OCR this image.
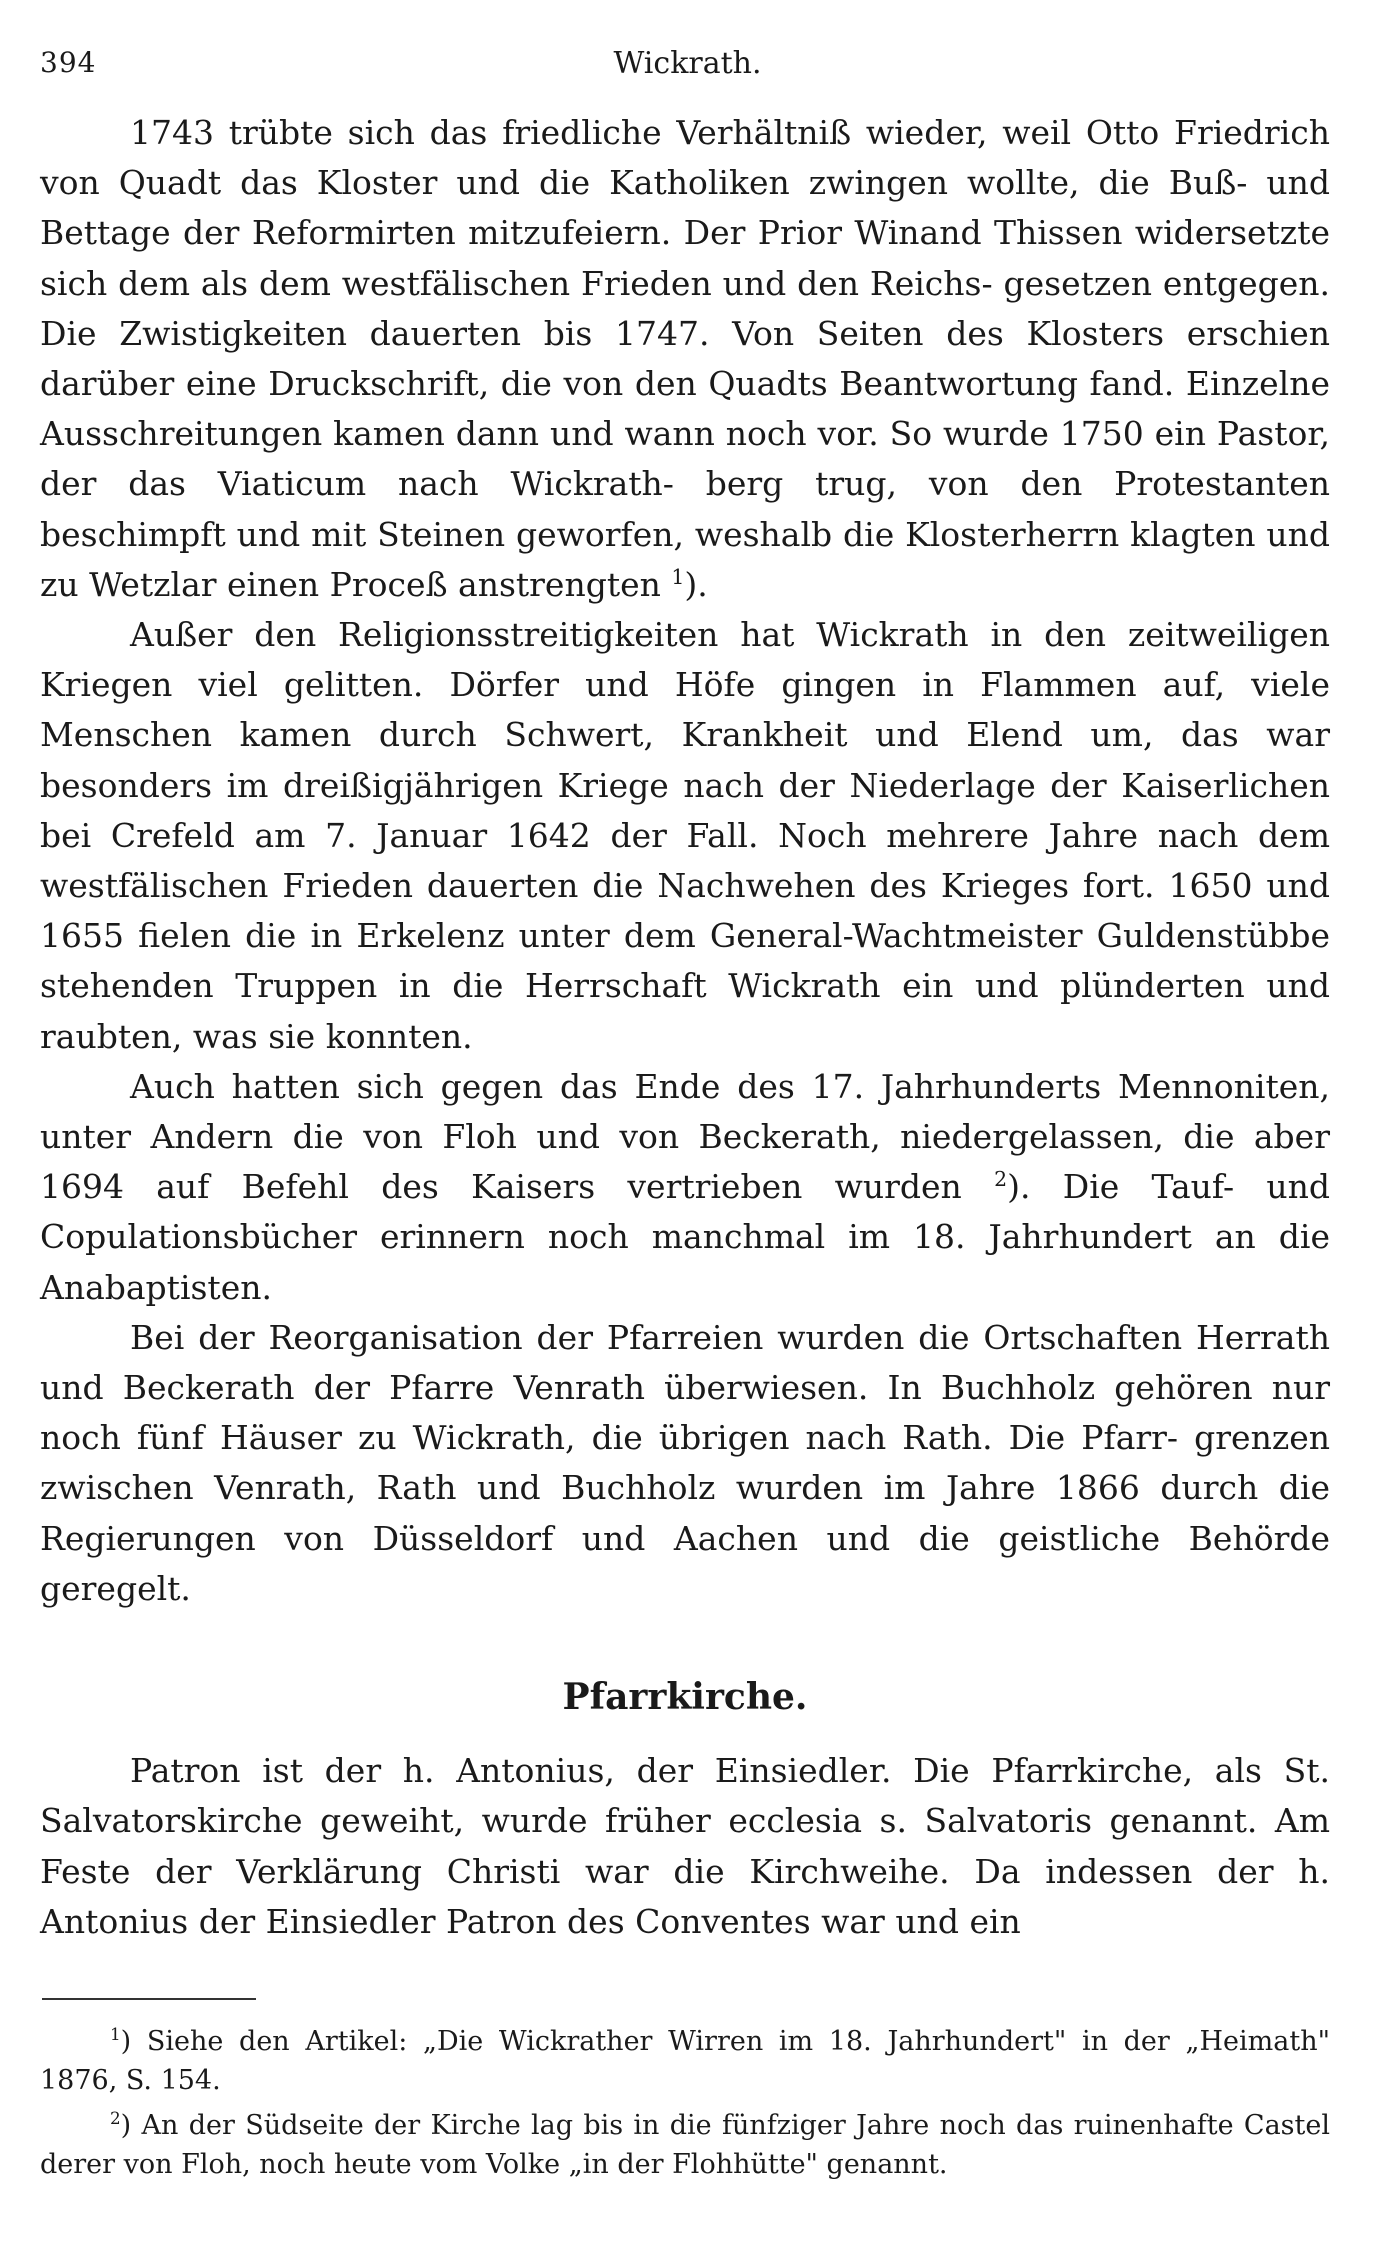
394	Wickrath.

1743 trübte sich das friedliche Verhältniß wieder, weil Otto Friedrich von Quadt das Kloster und die Katholiken zwingen wollte, die Buß- und Bettage der Reformirten mitzufeiern. Der Prior Winand Thissen widersetzte sich dem als dem westfälischen Frieden und den Reichs- gesetzen entgegen. Die Zwistigkeiten dauerten bis 1747. Von Seiten des Klosters erschien darüber eine Druckschrift, die von den Quadts Beantwortung fand. Einzelne Ausschreitungen kamen dann und wann noch vor. So wurde 1750 ein Pastor, der das Viaticum nach Wickrath- berg trug, von den Protestanten beschimpft und mit Steinen geworfen, weshalb die Klosterherrn klagten und zu Wetzlar einen Proceß anstrengten $^1$).

Außer den Religionsstreitigkeiten hat Wickrath in den zeitweiligen Kriegen viel gelitten. Dörfer und Höfe gingen in Flammen auf, viele Menschen kamen durch Schwert, Krankheit und Elend um, das war besonders im dreißigjährigen Kriege nach der Niederlage der Kaiserlichen bei Crefeld am 7. Januar 1642 der Fall. Noch mehrere Jahre nach dem westfälischen Frieden dauerten die Nachwehen des Krieges fort. 1650 und 1655 fielen die in Erkelenz unter dem General-Wachtmeister Guldenstübbe stehenden Truppen in die Herrschaft Wickrath ein und plünderten und raubten, was sie konnten.

Auch hatten sich gegen das Ende des 17. Jahrhunderts Mennoniten, unter Andern die von Floh und von Beckerath, niedergelassen, die aber 1694 auf Befehl des Kaisers vertrieben wurden $^2$). Die Tauf- und Copulationsbücher erinnern noch manchmal im 18. Jahrhundert an die Anabaptisten.

Bei der Reorganisation der Pfarreien wurden die Ortschaften Herrath und Beckerath der Pfarre Venrath überwiesen. In Buchholz gehören nur noch fünf Häuser zu Wickrath, die übrigen nach Rath. Die Pfarr- grenzen zwischen Venrath, Rath und Buchholz wurden im Jahre 1866 durch die Regierungen von Düsseldorf und Aachen und die geistliche Behörde geregelt.

Pfarrkirche.

Patron ist der h. Antonius, der Einsiedler. Die Pfarrkirche, als St. Salvatorskirche geweiht, wurde früher ecclesia s. Salvatoris genannt. Am Feste der Verklärung Christi war die Kirchweihe. Da indessen der h. Antonius der Einsiedler Patron des Conventes war und ein

$^1$) Siehe den Artikel: „Die Wickrather Wirren im 18. Jahrhundert" in der „Heimath" 1876, S. 154.

$^2$) An der Südseite der Kirche lag bis in die fünfziger Jahre noch das ruinenhafte Castel derer von Floh, noch heute vom Volke „in der Flohhütte" genannt.
